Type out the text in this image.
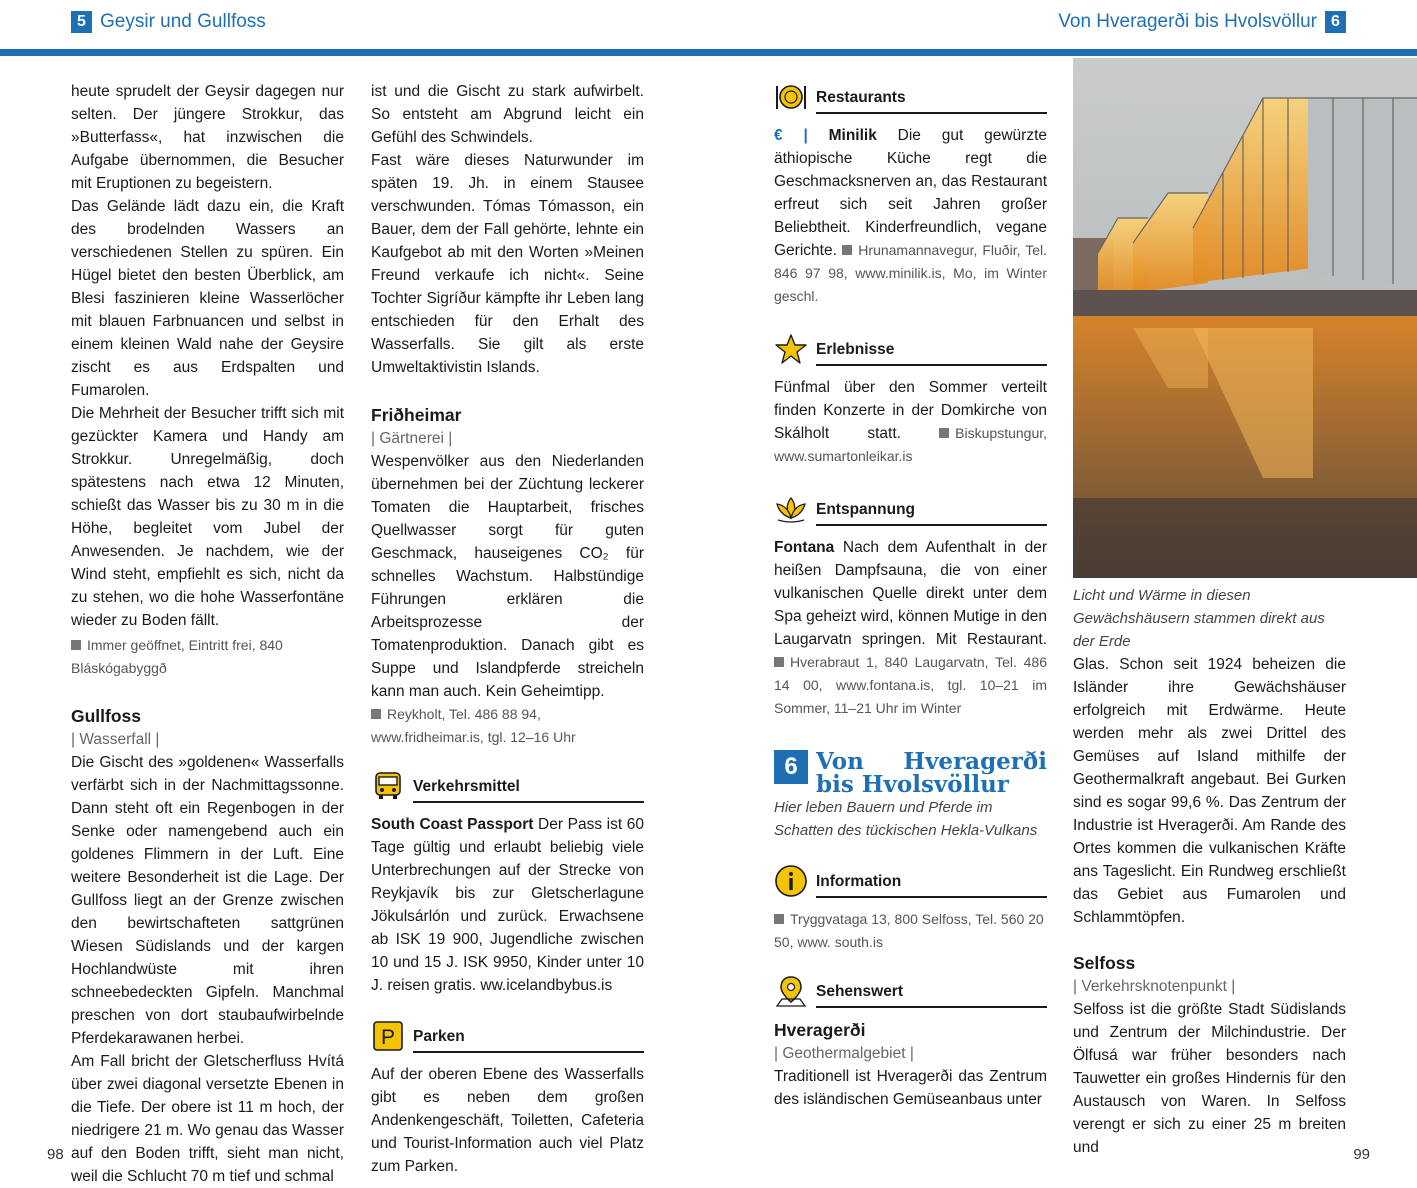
5 Geysir und Gullfoss	Von Hveragerði bis Hvolsvöllur 6

heute sprudelt der Geysir dagegen nur selten. Der jüngere Strokkur, das »Butterfass«, hat inzwischen die Aufgabe übernommen, die Besucher mit Eruptionen zu begeistern.

Das Gelände lädt dazu ein, die Kraft des brodelnden Wassers an verschiedenen Stellen zu spüren. Ein Hügel bietet den besten Überblick, am Blesi faszinieren kleine Wasserlöcher mit blauen Farbnuancen und selbst in einem kleinen Wald nahe der Geysire zischt es aus Erdspalten und Fumarolen.

Die Mehrheit der Besucher trifft sich mit gezückter Kamera und Handy am Strokkur. Unregelmäßig, doch spätestens nach etwa 12 Minuten, schießt das Wasser bis zu 30 m in die Höhe, begleitet vom Jubel der Anwesenden. Je nachdem, wie der Wind steht, empfiehlt es sich, nicht da zu stehen, wo die hohe Wasserfontäne wieder zu Boden fällt.

Immer geöffnet, Eintritt frei, 840 Bláskógabyggð

Gullfoss
| Wasserfall |

Die Gischt des »goldenen« Wasserfalls verfärbt sich in der Nachmittagssonne. Dann steht oft ein Regenbogen in der Senke oder namengebend auch ein goldenes Flimmern in der Luft. Eine weitere Besonderheit ist die Lage. Der Gullfoss liegt an der Grenze zwischen den bewirtschafteten sattgrünen Wiesen Südislands und der kargen Hochlandwüste mit ihren schneebedeckten Gipfeln. Manchmal preschen von dort staubaufwirbelnde Pferdekarawanen herbei.

Am Fall bricht der Gletscherfluss Hvítá über zwei diagonal versetzte Ebenen in die Tiefe. Der obere ist 11 m hoch, der niedrigere 21 m. Wo genau das Wasser auf den Boden trifft, sieht man nicht, weil die Schlucht 70 m tief und schmal

ist und die Gischt zu stark aufwirbelt. So entsteht am Abgrund leicht ein Gefühl des Schwindels.

Fast wäre dieses Naturwunder im späten 19. Jh. in einem Stausee verschwunden. Tómas Tómasson, ein Bauer, dem der Fall gehörte, lehnte ein Kaufgebot ab mit den Worten »Meinen Freund verkaufe ich nicht«. Seine Tochter Sigríður kämpfte ihr Leben lang entschieden für den Erhalt des Wasserfalls. Sie gilt als erste Umweltaktivistin Islands.

Friðheimar
| Gärtnerei |

Wespenvölker aus den Niederlanden übernehmen bei der Züchtung leckerer Tomaten die Hauptarbeit, frisches Quellwasser sorgt für guten Geschmack, hauseigenes CO₂ für schnelles Wachstum. Halbstündige Führungen erklären die Arbeitsprozesse der Tomatenproduktion. Danach gibt es Suppe und Islandpferde streicheln kann man auch. Kein Geheimtipp.

Reykholt, Tel. 486 88 94, www.fridheimar.is, tgl. 12–16 Uhr

Verkehrsmittel

South Coast Passport Der Pass ist 60 Tage gültig und erlaubt beliebig viele Unterbrechungen auf der Strecke von Reykjavík bis zur Gletscherlagune Jökulsárlón und zurück. Erwachsene ab ISK 19 900, Jugendliche zwischen 10 und 15 J. ISK 9950, Kinder unter 10 J. reisen gratis. ww.icelandbybus.is

P Parken

Auf der oberen Ebene des Wasserfalls gibt es neben dem großen Andenkengeschäft, Toiletten, Cafeteria und Tourist-Information auch viel Platz zum Parken.

Restaurants

€ | Minilik Die gut gewürzte äthiopische Küche regt die Geschmacksnerven an, das Restaurant erfreut sich seit Jahren großer Beliebtheit. Kinderfreundlich, vegane Gerichte. Hrunamannavegur, Fluðir, Tel. 846 97 98, www.minilik.is, Mo, im Winter geschl.

Erlebnisse

Fünfmal über den Sommer verteilt finden Konzerte in der Domkirche von Skálholt statt.	Biskupstungur, www.sumartonleikar.is

Entspannung

Fontana Nach dem Aufenthalt in der heißen Dampfsauna, die von einer vulkanischen Quelle direkt unter dem Spa geheizt wird, können Mutige in den Laugarvatn springen. Mit Restaurant. Hverabraut 1, 840 Laugarvatn, Tel. 486 14 00, www.fontana.is, tgl. 10–21 im Sommer, 11–21 Uhr im Winter

6 Von Hveragerði bis Hvolsvöllur

Hier leben Bauern und Pferde im Schatten des tückischen Hekla-Vulkans

Information

Tryggvataga 13, 800 Selfoss, Tel. 560 20 50, www. south.is

Sehenswert
Hveragerði
| Geothermalgebiet |

Traditionell ist Hveragerði das Zentrum des isländischen Gemüseanbaus unter

Licht und Wärme in diesen Gewächshäusern stammen direkt aus der Erde

Glas. Schon seit 1924 beheizen die Isländer ihre Gewächshäuser erfolgreich mit Erdwärme. Heute werden mehr als zwei Drittel des Gemüses auf Island mithilfe der Geothermalkraft angebaut. Bei Gurken sind es sogar 99,6 %. Das Zentrum der Industrie ist Hveragerði. Am Rande des Ortes kommen die vulkanischen Kräfte ans Tageslicht. Ein Rundweg erschließt das Gebiet aus Fumarolen und Schlammtöpfen.

Selfoss
| Verkehrsknotenpunkt |

Selfoss ist die größte Stadt Südislands und Zentrum der Milchindustrie. Der Ölfusá war früher besonders nach Tauwetter ein großes Hindernis für den Austausch von Waren. In Selfoss verengt er sich zu einer 25 m breiten und

98	99
